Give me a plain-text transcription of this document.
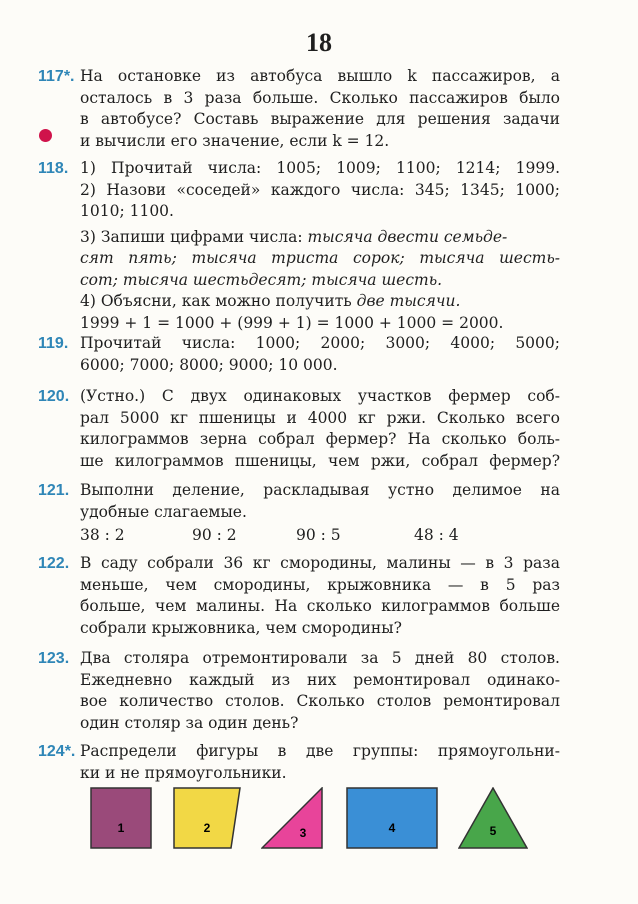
18
117*. На остановке из автобуса вышло k пассажиров, а
осталось в 3 раза больше. Сколько пассажиров было
в автобусе? Составь выражение для решения задачи
и вычисли его значение, если k = 12.
118. 1) Прочитай числа: 1005; 1009; 1100; 1214; 1999.
2) Назови «соседей» каждого числа: 345; 1345; 1000;
1010; 1100.
3) Запиши цифрами числа: тысяча двести семьде-
сят пять; тысяча триста сорок; тысяча шесть-
сот; тысяча шестьдесят; тысяча шесть.
4) Объясни, как можно получить две тысячи.
1999 + 1 = 1000 + (999 + 1) = 1000 + 1000 = 2000.
119. Прочитай числа: 1000; 2000; 3000; 4000; 5000;
6000; 7000; 8000; 9000; 10 000.
120. (Устно.) С двух одинаковых участков фермер соб-
рал 5000 кг пшеницы и 4000 кг ржи. Сколько всего
килограммов зерна собрал фермер? На сколько боль-
ше килограммов пшеницы, чем ржи, собрал фермер?
121. Выполни деление, раскладывая устно делимое на
удобные слагаемые.
38 : 2	90 : 2	90 : 5	48 : 4
122. В саду собрали 36 кг смородины, малины — в 3 раза
меньше, чем смородины, крыжовника — в 5 раз
больше, чем малины. На сколько килограммов больше
собрали крыжовника, чем смородины?
123. Два столяра отремонтировали за 5 дней 80 столов.
Ежедневно каждый из них ремонтировал одинако-
вое количество столов. Сколько столов ремонтировал
один столяр за один день?
124*. Распредели фигуры в две группы: прямоугольни-
ки и не прямоугольники.
1	2	3	4	5
